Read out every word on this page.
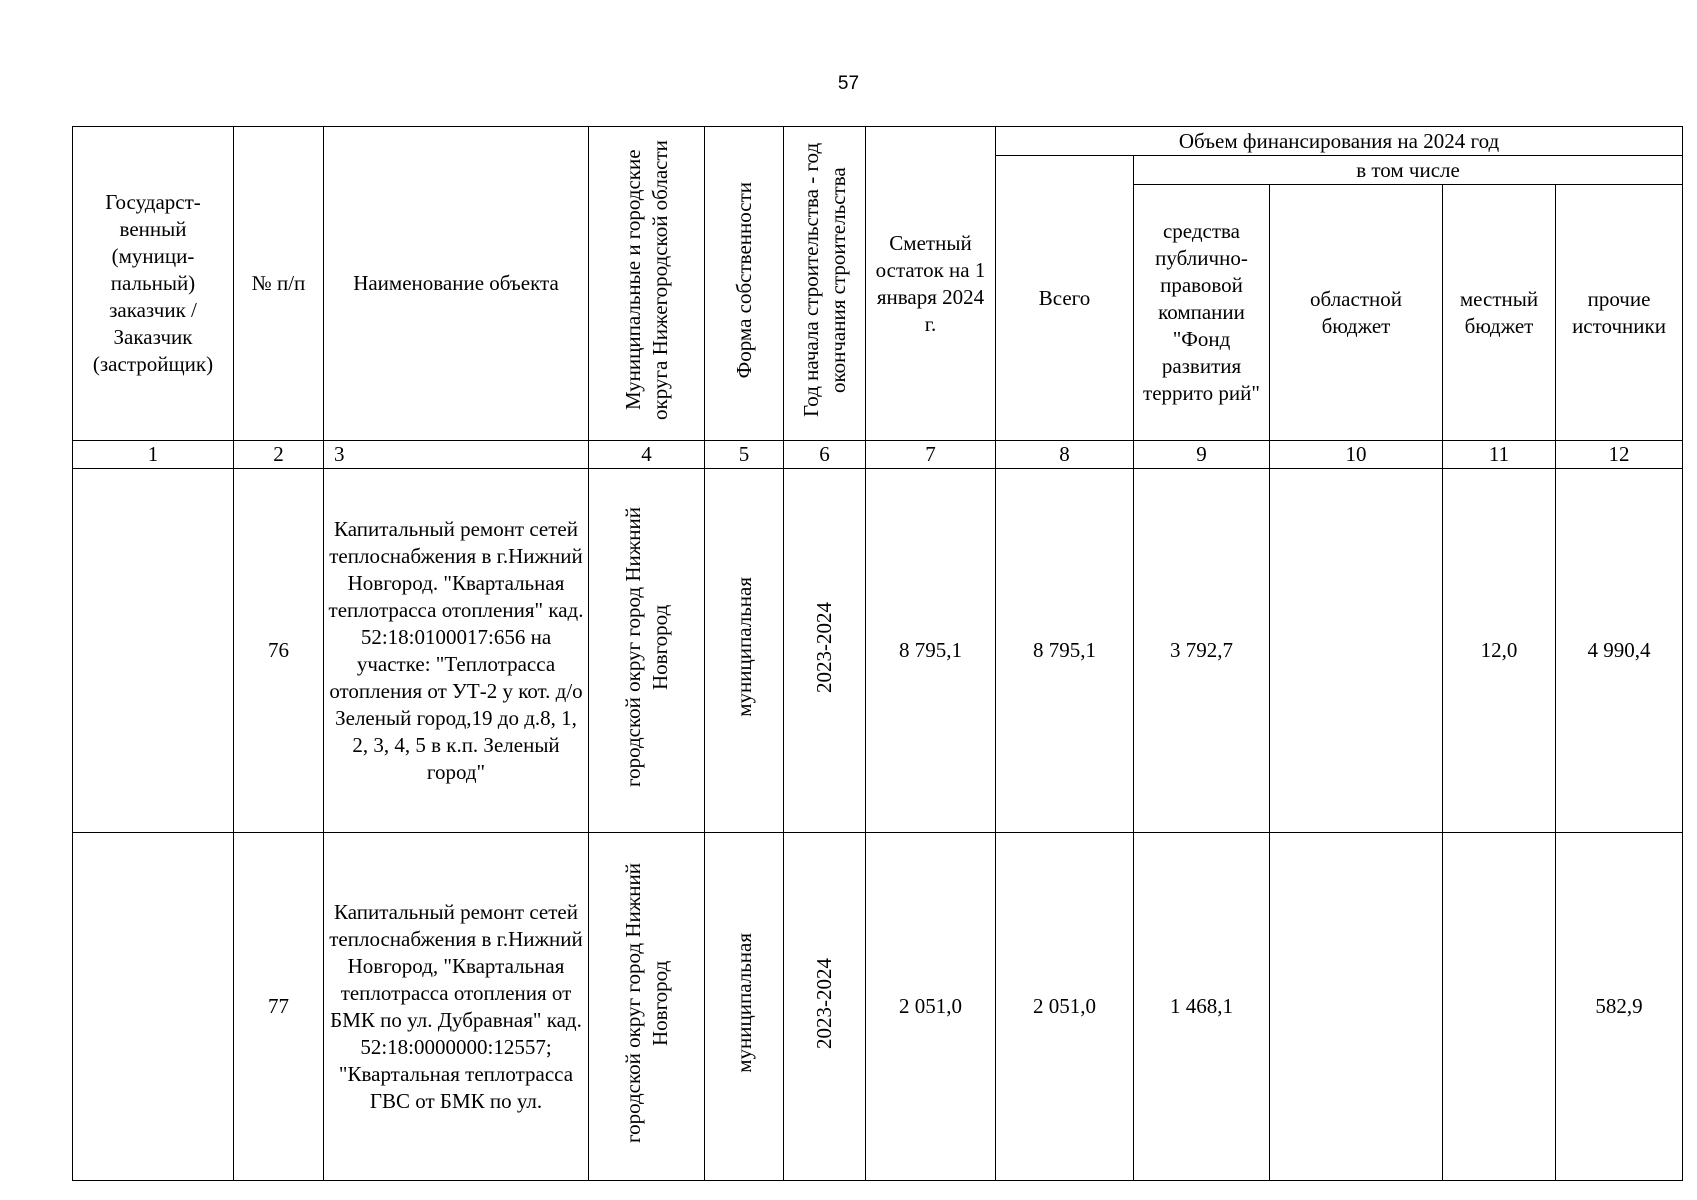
57
Государст-венный (муници-пальный) заказчик / Заказчик (застройщик)	№ п/п	Наименование объекта	Муниципальные и городские округа Нижегородской области	Форма собственности	Год начала строительства - год окончания строительства	Сметный остаток на 1 января 2024 г.	Объем финансирования на 2024 год				
							Всего	в том числе			
								средства публично-правовой компании "Фонд развития террито рий"	областной бюджет	местный бюджет	прочие источники
1	2	3	4	5	6	7	8	9	10	11	12
	76	Капитальный ремонт сетей теплоснабжения в г.Нижний Новгород. "Квартальная теплотрасса отопления" кад. 52:18:0100017:656 на участке: "Теплотрасса отопления от УТ-2 у кот. д/о Зеленый город,19 до д.8, 1, 2, 3, 4, 5 в к.п. Зеленый город"	городской округ город Нижний Новгород	муниципальная	2023-2024	8 795,1	8 795,1	3 792,7		12,0	4 990,4
	77	Капитальный ремонт сетей теплоснабжения в г.Нижний Новгород, "Квартальная теплотрасса отопления от БМК по ул. Дубравная" кад. 52:18:0000000:12557; "Квартальная теплотрасса ГВС от БМК по ул.	городской округ город Нижний Новгород	муниципальная	2023-2024	2 051,0	2 051,0	1 468,1			582,9
